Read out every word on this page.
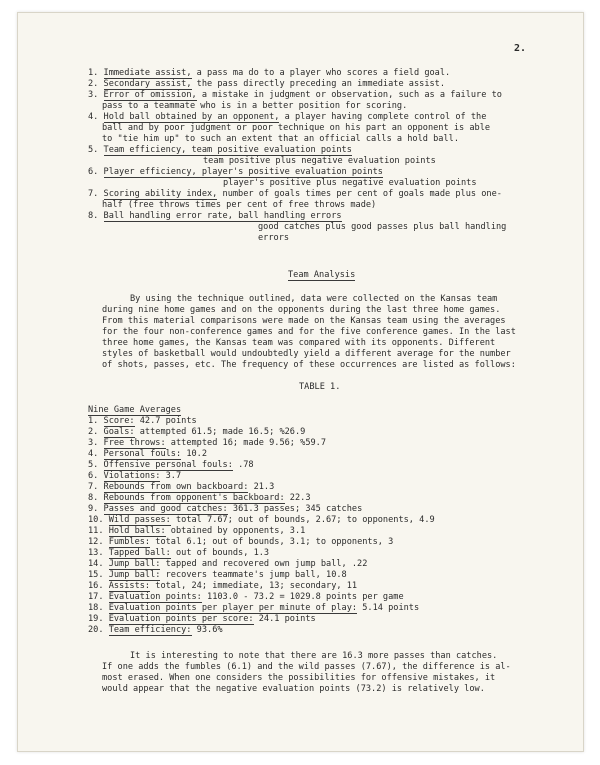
2.
1. Immediate assist, a pass ma do to a player who scores a field goal.
2. Secondary assist, the pass directly preceding an immediate assist.
3. Error of omission, a mistake in judgment or observation, such as a failure to
pass to a teammate who is in a better position for scoring.
4. Hold ball obtained by an opponent, a player having complete control of the
ball and by poor judgment or poor technique on his part an opponent is able
to "tie him up" to such an extent that an official calls a hold ball.
5. Team efficiency, team positive evaluation points
team positive plus negative evaluation points
6. Player efficiency, player's positive evaluation points
player's positive plus negative evaluation points
7. Scoring ability index, number of goals times per cent of goals made plus one-
half (free throws times per cent of free throws made)
8. Ball handling error rate, ball handling errors
good catches plus good passes plus ball handling
errors
Team Analysis
By using the technique outlined, data were collected on the Kansas team
during nine home games and on the opponents during the last three home games.
From this material comparisons were made on the Kansas team using the averages
for the four non-conference games and for the five conference games. In the last
three home games, the Kansas team was compared with its opponents. Different
styles of basketball would undoubtedly yield a different average for the number
of shots, passes, etc. The frequency of these occurrences are listed as follows:
TABLE 1.
Nine Game Averages
1. Score: 42.7 points
2. Goals: attempted 61.5; made 16.5; %26.9
3. Free throws: attempted 16; made 9.56; %59.7
4. Personal fouls: 10.2
5. Offensive personal fouls: .78
6. Violations: 3.7
7. Rebounds from own backboard: 21.3
8. Rebounds from opponent's backboard: 22.3
9. Passes and good catches: 361.3 passes; 345 catches
10. Wild passes: total 7.67; out of bounds, 2.67; to opponents, 4.9
11. Hold balls: obtained by opponents, 3.1
12. Fumbles: total 6.1; out of bounds, 3.1; to opponents, 3
13. Tapped ball: out of bounds, 1.3
14. Jump ball: tapped and recovered own jump ball, .22
15. Jump ball: recovers teammate's jump ball, 10.8
16. Assists: total, 24; immediate, 13; secondary, 11
17. Evaluation points: 1103.0 - 73.2 = 1029.8 points per game
18. Evaluation points per player per minute of play: 5.14 points
19. Evaluation points per score: 24.1 points
20. Team efficiency: 93.6%
It is interesting to note that there are 16.3 more passes than catches.
If one adds the fumbles (6.1) and the wild passes (7.67), the difference is al-
most erased. When one considers the possibilities for offensive mistakes, it
would appear that the negative evaluation points (73.2) is relatively low.
